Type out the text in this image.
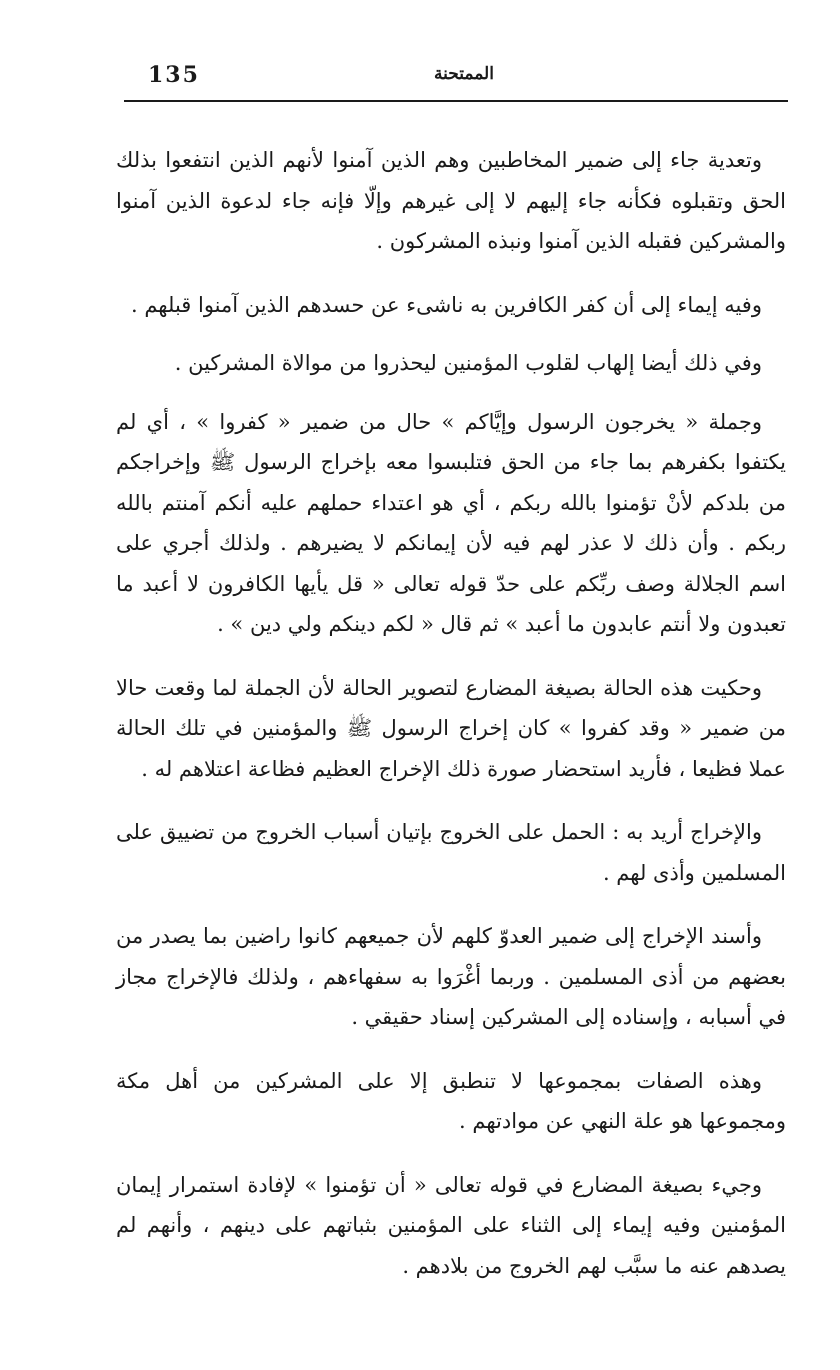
135	الممتحنة

وتعدية جاء إلى ضمير المخاطبين وهم الذين آمنوا لأنهم الذين انتفعوا بذلك الحق وتقبلوه فكأنه جاء إليهم لا إلى غيرهم وإلّا فإنه جاء لدعوة الذين آمنوا والمشركين فقبله الذين آمنوا ونبذه المشركون .

وفيه إيماء إلى أن كفر الكافرين به ناشىء عن حسدهم الذين آمنوا قبلهم .

وفي ذلك أيضا إلهاب لقلوب المؤمنين ليحذروا من موالاة المشركين .

وجملة « يخرجون الرسول وإيَّاكم » حال من ضمير « كفروا » ، أي لم يكتفوا بكفرهم بما جاء من الحق فتلبسوا معه بإخراج الرسول ﷺ وإخراجكم من بلدكم لأنْ تؤمنوا بالله ربكم ، أي هو اعتداء حملهم عليه أنكم آمنتم بالله ربكم . وأن ذلك لا عذر لهم فيه لأن إيمانكم لا يضيرهم . ولذلك أجري على اسم الجلالة وصف ربِّكم على حدّ قوله تعالى « قل يأيها الكافرون لا أعبد ما تعبدون ولا أنتم عابدون ما أعبد » ثم قال « لكم دينكم ولي دين » .

وحكيت هذه الحالة بصيغة المضارع لتصوير الحالة لأن الجملة لما وقعت حالا من ضمير « وقد كفروا » كان إخراج الرسول ﷺ والمؤمنين في تلك الحالة عملا فظيعا ، فأريد استحضار صورة ذلك الإخراج العظيم فظاعة اعتلاهم له .

والإخراج أريد به : الحمل على الخروج بإتيان أسباب الخروج من تضييق على المسلمين وأذى لهم .

وأسند الإخراج إلى ضمير العدوّ كلهم لأن جميعهم كانوا راضين بما يصدر من بعضهم من أذى المسلمين . وربما أغْرَوا به سفهاءهم ، ولذلك فالإخراج مجاز في أسبابه ، وإسناده إلى المشركين إسناد حقيقي .

وهذه الصفات بمجموعها لا تنطبق إلا على المشركين من أهل مكة ومجموعها هو علة النهي عن موادتهم .

وجيء بصيغة المضارع في قوله تعالى « أن تؤمنوا » لإفادة استمرار إيمان المؤمنين وفيه إيماء إلى الثناء على المؤمنين بثباتهم على دينهم ، وأنهم لم يصدهم عنه ما سبَّب لهم الخروج من بلادهم .
